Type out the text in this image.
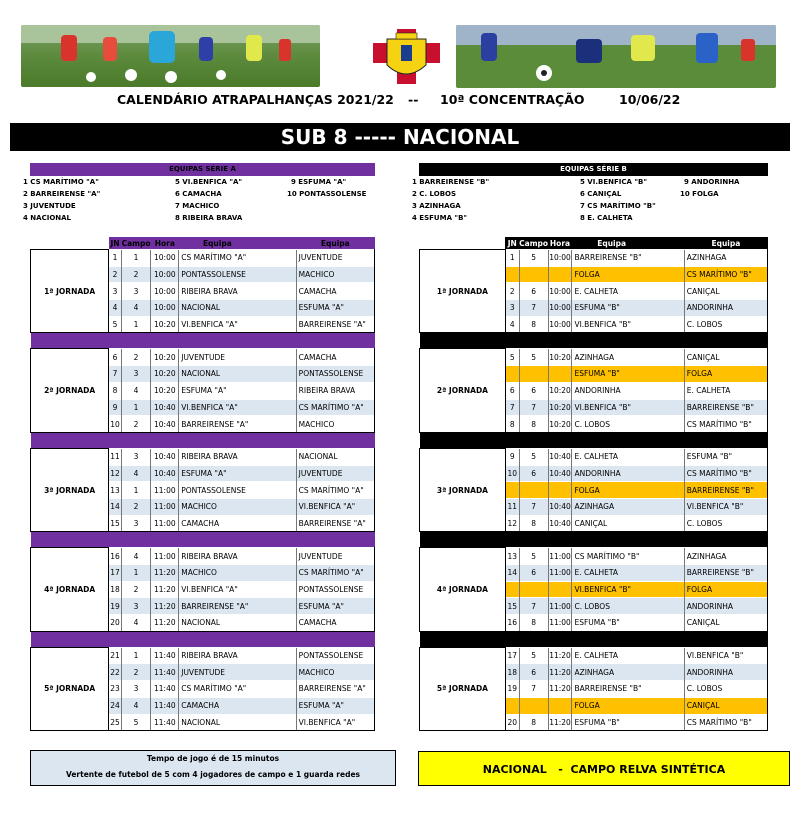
CALENDÁRIO ATRAPALHANÇAS 2021/22 -- 10ª CONCENTRAÇÃO	10/06/22
SUB 8 ----- NACIONAL
EQUIPAS SÉRIE A
1 CS MARÍTIMO "A"
2 BARREIRENSE "A"
3 JUVENTUDE
4 NACIONAL
5 VI.BENFICA "A"
6 CAMACHA
7 MACHICO
8 RIBEIRA BRAVA
9 ESFUMA "A"
10 PONTASSOLENSE
EQUIPAS SÉRIE B
1 BARREIRENSE "B"
2 C. LOBOS
3 AZINHAGA
4 ESFUMA "B"
5 VI.BENFICA "B"
6 CANIÇAL
7 CS MARÍTIMO "B"
8 E. CALHETA
9 ANDORINHA
10 FOLGA
	JN	Campo	Hora	Equipa		Equipa
1ª JORNADA	1	1	10:00	CS MARÍTIMO "A"		JUVENTUDE
	2	2	10:00	PONTASSOLENSE		MACHICO
	3	3	10:00	RIBEIRA BRAVA		CAMACHA
	4	4	10:00	NACIONAL		ESFUMA "A"
	5	1	10:20	VI.BENFICA "A"		BARREIRENSE "A"

2ª JORNADA	6	2	10:20	JUVENTUDE		CAMACHA
	7	3	10:20	NACIONAL		PONTASSOLENSE
	8	4	10:20	ESFUMA "A"		RIBEIRA BRAVA
	9	1	10:40	VI.BENFICA "A"		CS MARÍTIMO "A"
	10	2	10:40	BARREIRENSE "A"		MACHICO

3ª JORNADA	11	3	10:40	RIBEIRA BRAVA		NACIONAL
	12	4	10:40	ESFUMA "A"		JUVENTUDE
	13	1	11:00	PONTASSOLENSE		CS MARÍTIMO "A"
	14	2	11:00	MACHICO		VI.BENFICA "A"
	15	3	11:00	CAMACHA		BARREIRENSE "A"

4ª JORNADA	16	4	11:00	RIBEIRA BRAVA		JUVENTUDE
	17	1	11:20	MACHICO		CS MARÍTIMO "A"
	18	2	11:20	VI.BENFICA "A"		PONTASSOLENSE
	19	3	11:20	BARREIRENSE "A"		ESFUMA "A"
	20	4	11:20	NACIONAL		CAMACHA

5ª JORNADA	21	1	11:40	RIBEIRA BRAVA		PONTASSOLENSE
	22	2	11:40	JUVENTUDE		MACHICO
	23	3	11:40	CS MARÍTIMO "A"		BARREIRENSE "A"
	24	4	11:40	CAMACHA		ESFUMA "A"
	25	5	11:40	NACIONAL		VI.BENFICA "A"
	JN	Campo	Hora	Equipa		Equipa
1ª JORNADA	1	5	10:00	BARREIRENSE "B"		AZINHAGA
				FOLGA		CS MARÍTIMO "B"
	2	6	10:00	E. CALHETA		CANIÇAL
	3	7	10:00	ESFUMA "B"		ANDORINHA
	4	8	10:00	VI.BENFICA "B"		C. LOBOS

2ª JORNADA	5	5	10:20	AZINHAGA		CANIÇAL
				ESFUMA "B"		FOLGA
	6	6	10:20	ANDORINHA		E. CALHETA
	7	7	10:20	VI.BENFICA "B"		BARREIRENSE "B"
	8	8	10:20	C. LOBOS		CS MARÍTIMO "B"

3ª JORNADA	9	5	10:40	E. CALHETA		ESFUMA "B"
	10	6	10:40	ANDORINHA		CS MARÍTIMO "B"
				FOLGA		BARREIRENSE "B"
	11	7	10:40	AZINHAGA		VI.BENFICA "B"
	12	8	10:40	CANIÇAL		C. LOBOS

4ª JORNADA	13	5	11:00	CS MARÍTIMO "B"		AZINHAGA
	14	6	11:00	E. CALHETA		BARREIRENSE "B"
				VI.BENFICA "B"		FOLGA
	15	7	11:00	C. LOBOS		ANDORINHA
	16	8	11:00	ESFUMA "B"		CANIÇAL

5ª JORNADA	17	5	11:20	E. CALHETA		VI.BENFICA "B"
	18	6	11:20	AZINHAGA		ANDORINHA
	19	7	11:20	BARREIRENSE "B"		C. LOBOS
				FOLGA		CANIÇAL
	20	8	11:20	ESFUMA "B"		CS MARÍTIMO "B"
Tempo de jogo é de 15 minutos
Vertente de futebol de 5 com 4 jogadores de campo e 1 guarda redes	NACIONAL   -  CAMPO RELVA SINTÉTICA
